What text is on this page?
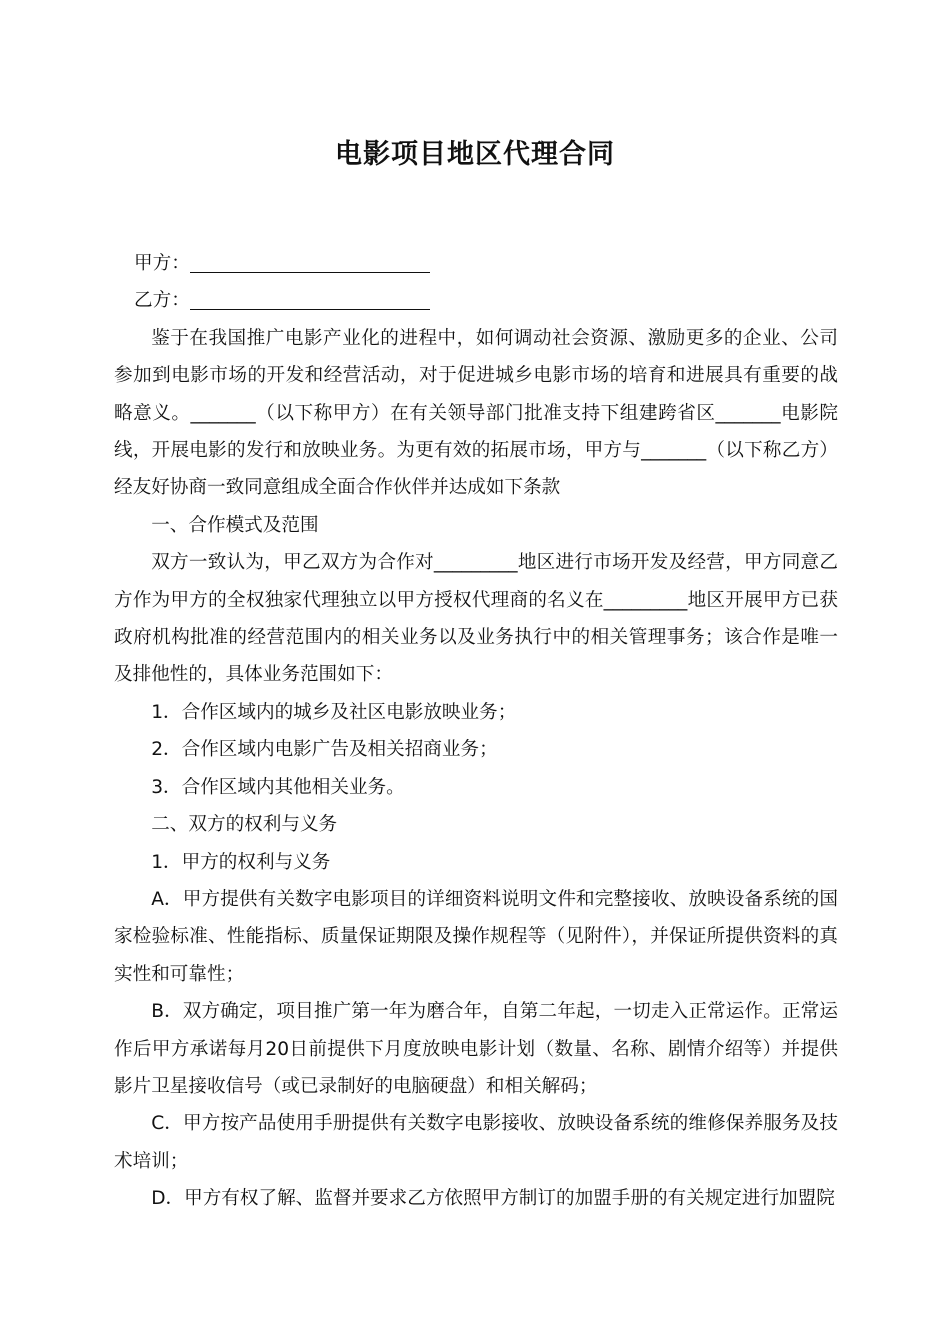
电影项目地区代理合同

甲方：

乙方：

鉴于在我国推广电影产业化的进程中，如何调动社会资源、激励更多的企业、公司参加到电影市场的开发和经营活动，对于促进城乡电影市场的培育和进展具有重要的战略意义。_______（以下称甲方）在有关领导部门批准支持下组建跨省区_______电影院线，开展电影的发行和放映业务。为更有效的拓展市场，甲方与_______（以下称乙方）经友好协商一致同意组成全面合作伙伴并达成如下条款

一、合作模式及范围

双方一致认为，甲乙双方为合作对_________地区进行市场开发及经营，甲方同意乙方作为甲方的全权独家代理独立以甲方授权代理商的名义在_________地区开展甲方已获政府机构批准的经营范围内的相关业务以及业务执行中的相关管理事务；该合作是唯一及排他性的，具体业务范围如下：

1．合作区域内的城乡及社区电影放映业务；

2．合作区域内电影广告及相关招商业务；

3．合作区域内其他相关业务。

二、双方的权利与义务

1．甲方的权利与义务

A．甲方提供有关数字电影项目的详细资料说明文件和完整接收、放映设备系统的国家检验标准、性能指标、质量保证期限及操作规程等（见附件），并保证所提供资料的真实性和可靠性；

B．双方确定，项目推广第一年为磨合年，自第二年起，一切走入正常运作。正常运作后甲方承诺每月20日前提供下月度放映电影计划（数量、名称、剧情介绍等）并提供影片卫星接收信号（或已录制好的电脑硬盘）和相关解码；

C．甲方按产品使用手册提供有关数字电影接收、放映设备系统的维修保养服务及技术培训；

D．甲方有权了解、监督并要求乙方依照甲方制订的加盟手册的有关规定进行加盟院
